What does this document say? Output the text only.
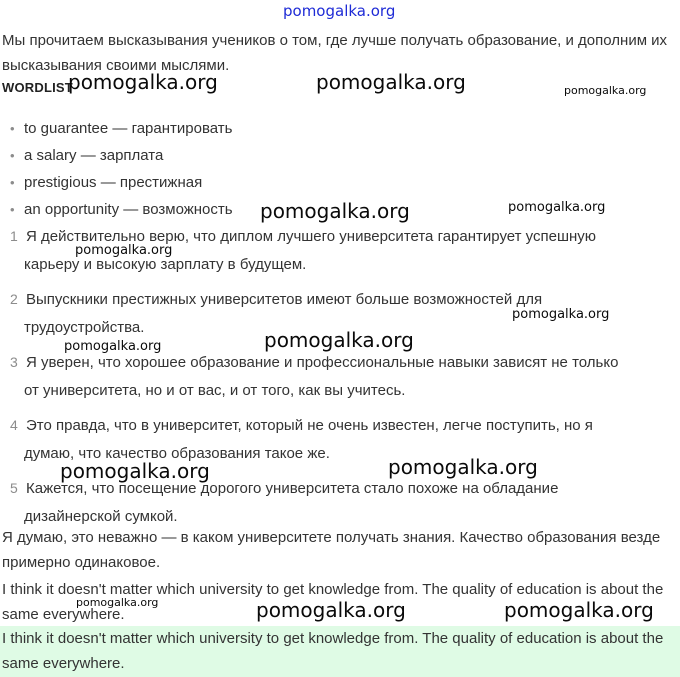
Мы прочитаем высказывания учеников о том, где лучше получать образование, и дополним их высказывания своими мыслями.
WORDLIST
• to guarantee — гарантировать
• a salary — зарплата
• prestigious — престижная
• an opportunity — возможность
1 Я действительно верю, что диплом лучшего университета гарантирует успешную
карьеру и высокую зарплату в будущем.
2 Выпускники престижных университетов имеют больше возможностей для
трудоустройства.
3 Я уверен, что хорошее образование и профессиональные навыки зависят не только
от университета, но и от вас, и от того, как вы учитесь.
4 Это правда, что в университет, который не очень известен, легче поступить, но я
думаю, что качество образования такое же.
5 Кажется, что посещение дорогого университета стало похоже на обладание
дизайнерской сумкой.
Я думаю, это неважно — в каком университете получать знания. Качество образования везде примерно одинаковое.
I think it doesn't matter which university to get knowledge from. The quality of education is about the same everywhere.
I think it doesn't matter which university to get knowledge from. The quality of education is about the same everywhere.
pomogalka.org
pomogalka.org	pomogalka.org	pomogalka.org
pomogalka.org	pomogalka.org
pomogalka.org
pomogalka.org
pomogalka.org
pomogalka.org
pomogalka.org	pomogalka.org
pomogalka.org	pomogalka.org	pomogalka.org
